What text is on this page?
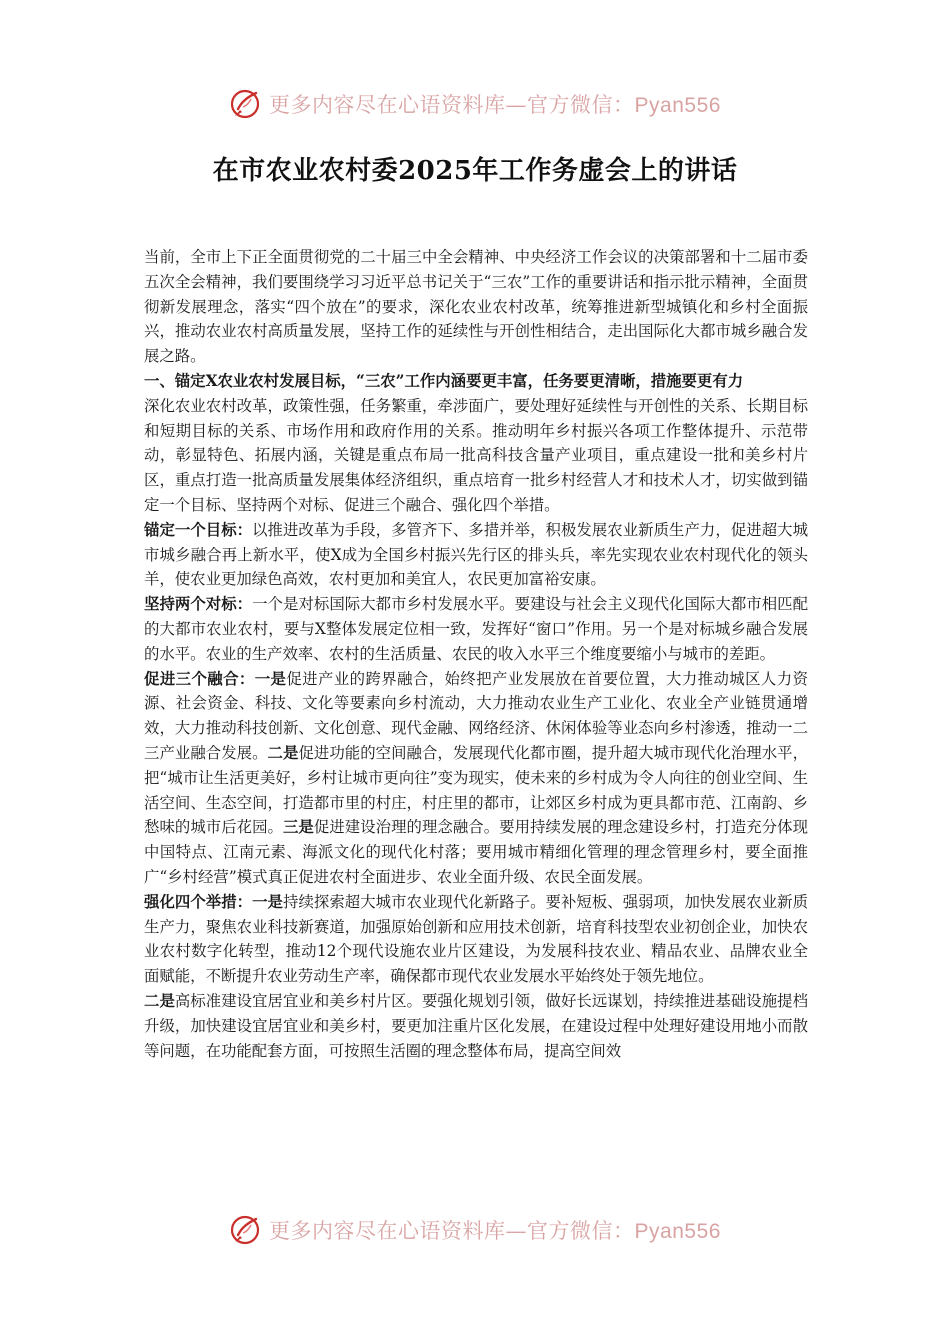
更多内容尽在心语资料库—官方微信：Pyan556
在市农业农村委2025年工作务虚会上的讲话

当前，全市上下正全面贯彻党的二十届三中全会精神、中央经济工作会议的决策部署和十二届市委五次全会精神，我们要围绕学习习近平总书记关于“三农”工作的重要讲话和指示批示精神，全面贯彻新发展理念，落实“四个放在”的要求，深化农业农村改革，统筹推进新型城镇化和乡村全面振兴，推动农业农村高质量发展，坚持工作的延续性与开创性相结合，走出国际化大都市城乡融合发展之路。

一、锚定X农业农村发展目标，“三农”工作内涵要更丰富，任务要更清晰，措施要更有力

深化农业农村改革，政策性强，任务繁重，牵涉面广，要处理好延续性与开创性的关系、长期目标和短期目标的关系、市场作用和政府作用的关系。推动明年乡村振兴各项工作整体提升、示范带动，彰显特色、拓展内涵，关键是重点布局一批高科技含量产业项目，重点建设一批和美乡村片区，重点打造一批高质量发展集体经济组织，重点培育一批乡村经营人才和技术人才，切实做到锚定一个目标、坚持两个对标、促进三个融合、强化四个举措。

锚定一个目标：以推进改革为手段，多管齐下、多措并举，积极发展农业新质生产力，促进超大城市城乡融合再上新水平，使X成为全国乡村振兴先行区的排头兵，率先实现农业农村现代化的领头羊，使农业更加绿色高效，农村更加和美宜人，农民更加富裕安康。

坚持两个对标：一个是对标国际大都市乡村发展水平。要建设与社会主义现代化国际大都市相匹配的大都市农业农村，要与X整体发展定位相一致，发挥好“窗口”作用。另一个是对标城乡融合发展的水平。农业的生产效率、农村的生活质量、农民的收入水平三个维度要缩小与城市的差距。

促进三个融合：一是促进产业的跨界融合，始终把产业发展放在首要位置，大力推动城区人力资源、社会资金、科技、文化等要素向乡村流动，大力推动农业生产工业化、农业全产业链贯通增效，大力推动科技创新、文化创意、现代金融、网络经济、休闲体验等业态向乡村渗透，推动一二三产业融合发展。二是促进功能的空间融合，发展现代化都市圈，提升超大城市现代化治理水平，把“城市让生活更美好，乡村让城市更向往”变为现实，使未来的乡村成为令人向往的创业空间、生活空间、生态空间，打造都市里的村庄，村庄里的都市，让郊区乡村成为更具都市范、江南韵、乡愁味的城市后花园。三是促进建设治理的理念融合。要用持续发展的理念建设乡村，打造充分体现中国特点、江南元素、海派文化的现代化村落；要用城市精细化管理的理念管理乡村，要全面推广“乡村经营”模式真正促进农村全面进步、农业全面升级、农民全面发展。

强化四个举措：一是持续探索超大城市农业现代化新路子。要补短板、强弱项，加快发展农业新质生产力，聚焦农业科技新赛道，加强原始创新和应用技术创新，培育科技型农业初创企业，加快农业农村数字化转型，推动12个现代设施农业片区建设，为发展科技农业、精品农业、品牌农业全面赋能，不断提升农业劳动生产率，确保都市现代农业发展水平始终处于领先地位。

二是高标准建设宜居宜业和美乡村片区。要强化规划引领，做好长远谋划，持续推进基础设施提档升级，加快建设宜居宜业和美乡村，要更加注重片区化发展，在建设过程中处理好建设用地小而散等问题，在功能配套方面，可按照生活圈的理念整体布局，提高空间效

更多内容尽在心语资料库—官方微信：Pyan556
